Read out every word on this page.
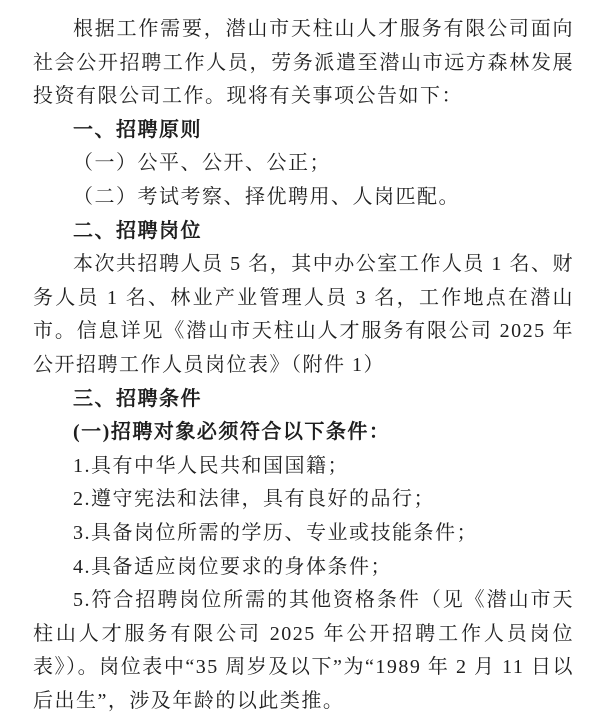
根据工作需要，潜山市天柱山人才服务有限公司面向社会公开招聘工作人员，劳务派遣至潜山市远方森林发展投资有限公司工作。现将有关事项公告如下：

一、招聘原则

（一）公平、公开、公正；

（二）考试考察、择优聘用、人岗匹配。

二、招聘岗位

本次共招聘人员 5 名，其中办公室工作人员 1 名、财务人员 1 名、林业产业管理人员 3 名，工作地点在潜山市。信息详见《潜山市天柱山人才服务有限公司 2025 年公开招聘工作人员岗位表》（附件 1）

三、招聘条件

(一)招聘对象必须符合以下条件：

1.具有中华人民共和国国籍；

2.遵守宪法和法律，具有良好的品行；

3.具备岗位所需的学历、专业或技能条件；

4.具备适应岗位要求的身体条件；

5.符合招聘岗位所需的其他资格条件（见《潜山市天柱山人才服务有限公司 2025 年公开招聘工作人员岗位表》）。岗位表中“35 周岁及以下”为“1989 年 2 月 11 日以后出生”，涉及年龄的以此类推。
